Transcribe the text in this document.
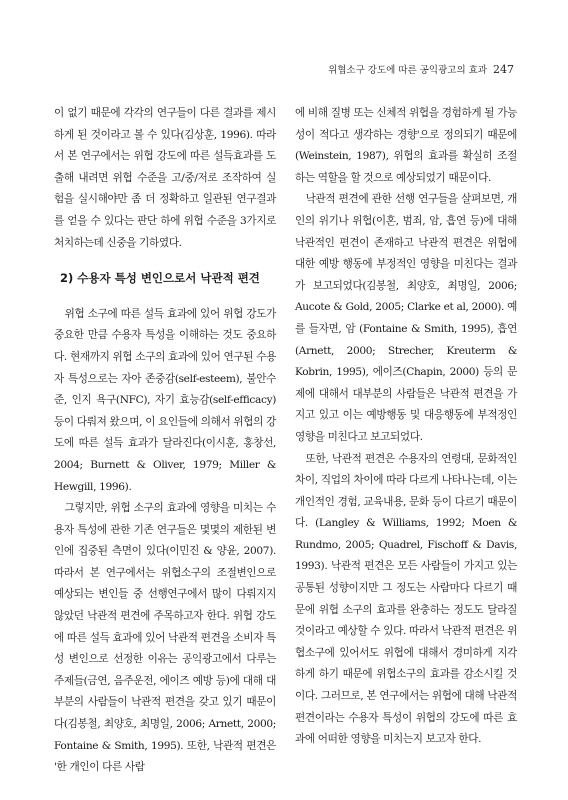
위협소구 강도에 따른 공익광고의 효과 247

이 없기 때문에 각각의 연구들이 다른 결과를 제시하게 된 것이라고 볼 수 있다(김상훈, 1996). 따라서 본 연구에서는 위협 강도에 따른 설득효과를 도출해 내려면 위협 수준을 고/중/저로 조작하여 실험을 실시해야만 좀 더 정확하고 일관된 연구결과를 얻을 수 있다는 판단 하에 위협 수준을 3가지로 처치하는데 신중을 기하였다.

2) 수용자 특성 변인으로서 낙관적 편견

위협 소구에 따른 설득 효과에 있어 위협 강도가 중요한 만큼 수용자 특성을 이해하는 것도 중요하다. 현재까지 위협 소구의 효과에 있어 연구된 수용자 특성으로는 자아 존중감(self-esteem), 불안수준, 인지 욕구(NFC), 자기 효능감(self-efficacy) 등이 다뤄져 왔으며, 이 요인들에 의해서 위협의 강도에 따른 설득 효과가 달라진다(이시훈, 홍창선, 2004; Burnett & Oliver, 1979; Miller & Hewgill, 1996).

그렇지만, 위협 소구의 효과에 영향을 미치는 수용자 특성에 관한 기존 연구들은 몇몇의 제한된 변인에 집중된 측면이 있다(이민진 & 양윤, 2007). 따라서 본 연구에서는 위협소구의 조절변인으로 예상되는 변인들 중 선행연구에서 많이 다뤄지지 않았던 낙관적 편견에 주목하고자 한다. 위협 강도에 따른 설득 효과에 있어 낙관적 편견을 소비자 특성 변인으로 선정한 이유는 공익광고에서 다루는 주제들(금연, 음주운전, 에이즈 예방 등)에 대해 대부분의 사람들이 낙관적 편견을 갖고 있기 때문이다(김봉철, 최양호, 최명일, 2006; Arnett, 2000; Fontaine & Smith, 1995). 또한, 낙관적 편견은 '한 개인이 다른 사람

에 비해 질병 또는 신체적 위협을 경험하게 될 가능성이 적다고 생각하는 경향'으로 정의되기 때문에(Weinstein, 1987), 위협의 효과를 확실히 조절하는 역할을 할 것으로 예상되었기 때문이다.

낙관적 편견에 관한 선행 연구들을 살펴보면, 개인의 위기나 위협(이혼, 범죄, 암, 흡연 등)에 대해 낙관적인 편견이 존재하고 낙관적 편견은 위협에 대한 예방 행동에 부정적인 영향을 미친다는 결과가 보고되었다(김봉철, 최양호, 최명일, 2006; Aucote & Gold, 2005; Clarke et al, 2000). 예를 들자면, 암 (Fontaine & Smith, 1995), 흡연 (Arnett, 2000; Strecher, Kreuterm & Kobrin, 1995), 에이즈(Chapin, 2000) 등의 문제에 대해서 대부분의 사람들은 낙관적 편견을 가지고 있고 이는 예방행동 및 대응행동에 부적정인 영향을 미친다고 보고되었다.

또한, 낙관적 편견은 수용자의 연령대, 문화적인 차이, 직업의 차이에 따라 다르게 나타나는데, 이는 개인적인 경험, 교육내용, 문화 등이 다르기 때문이다. (Langley & Williams, 1992; Moen & Rundmo, 2005; Quadrel, Fischoff & Davis, 1993). 낙관적 편견은 모든 사람들이 가지고 있는 공통된 성향이지만 그 정도는 사람마다 다르기 때문에 위협 소구의 효과를 완충하는 정도도 달라질 것이라고 예상할 수 있다. 따라서 낙관적 편견은 위협소구에 있어서도 위협에 대해서 경미하게 지각하게 하기 때문에 위협소구의 효과를 감소시킬 것이다. 그러므로, 본 연구에서는 위협에 대해 낙관적 편견이라는 수용자 특성이 위협의 강도에 따른 효과에 어떠한 영향을 미치는지 보고자 한다.
